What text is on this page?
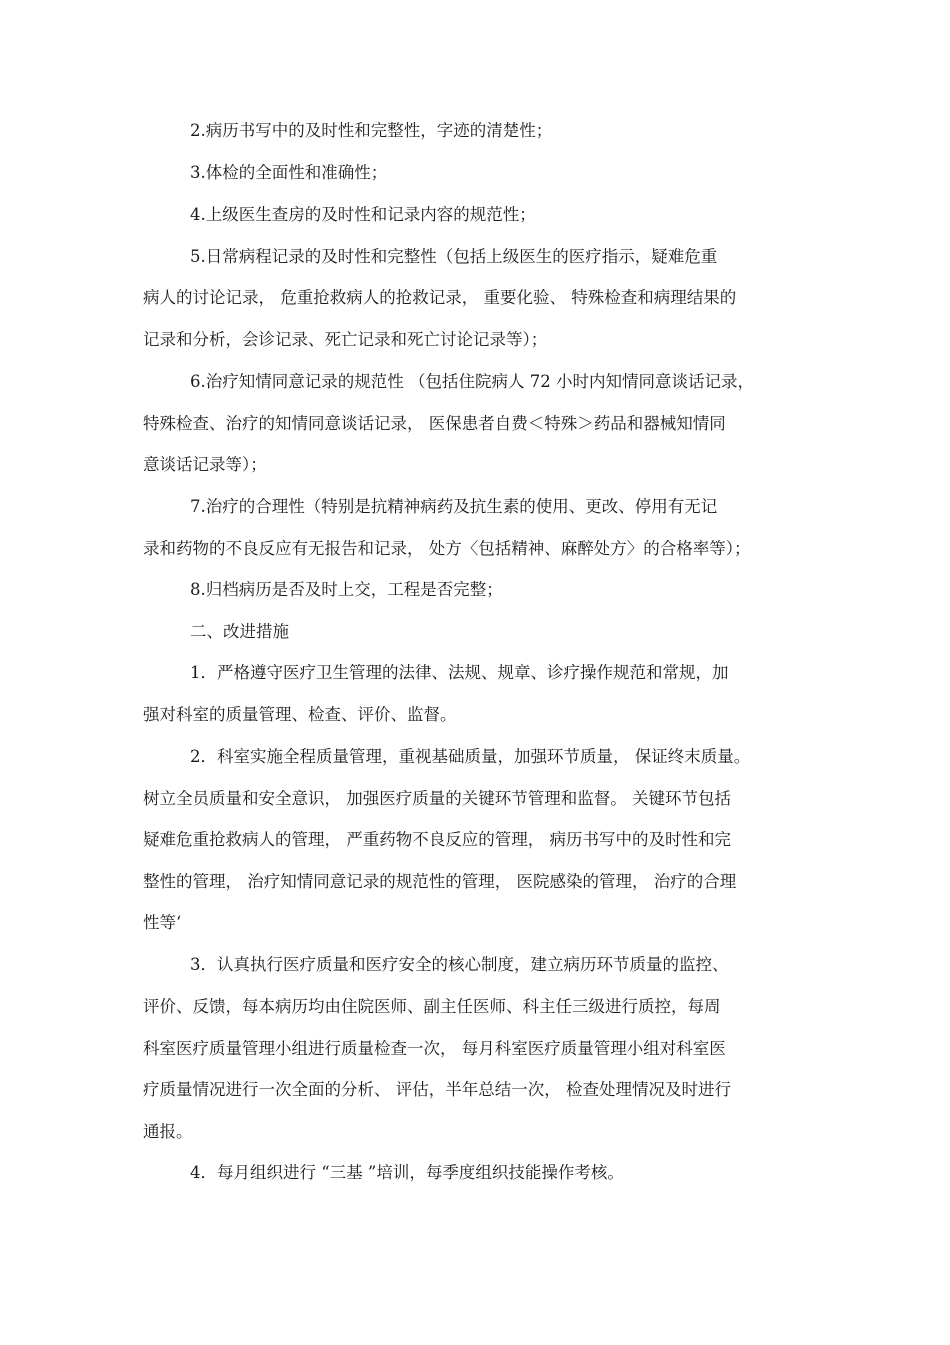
2.病历书写中的及时性和完整性，字迹的清楚性；

3.体检的全面性和准确性；

4.上级医生查房的及时性和记录内容的规范性；

5.日常病程记录的及时性和完整性（包括上级医生的医疗指示，疑难危重

病人的讨论记录， 危重抢救病人的抢救记录， 重要化验、 特殊检查和病理结果的

记录和分析，会诊记录、死亡记录和死亡讨论记录等）；

6.治疗知情同意记录的规范性 （包括住院病人 72 小时内知情同意谈话记录，

特殊检查、治疗的知情同意谈话记录， 医保患者自费＜特殊＞药品和器械知情同

意谈话记录等）；

7.治疗的合理性（特别是抗精神病药及抗生素的使用、更改、停用有无记

录和药物的不良反应有无报告和记录， 处方〈包括精神、麻醉处方〉的合格率等）；

8.归档病历是否及时上交，工程是否完整；

二、改进措施

1．严格遵守医疗卫生管理的法律、法规、规章、诊疗操作规范和常规，加

强对科室的质量管理、检查、评价、监督。

2．科室实施全程质量管理，重视基础质量，加强环节质量， 保证终末质量。

树立全员质量和安全意识， 加强医疗质量的关键环节管理和监督。 关键环节包括

疑难危重抢救病人的管理， 严重药物不良反应的管理， 病历书写中的及时性和完

整性的管理， 治疗知情同意记录的规范性的管理， 医院感染的管理， 治疗的合理

性等‘

3．认真执行医疗质量和医疗安全的核心制度，建立病历环节质量的监控、

评价、反馈，每本病历均由住院医师、副主任医师、科主任三级进行质控，每周

科室医疗质量管理小组进行质量检查一次， 每月科室医疗质量管理小组对科室医

疗质量情况进行一次全面的分析、 评估，半年总结一次， 检查处理情况及时进行

通报。

4．每月组织进行 “三基 ”培训，每季度组织技能操作考核。
